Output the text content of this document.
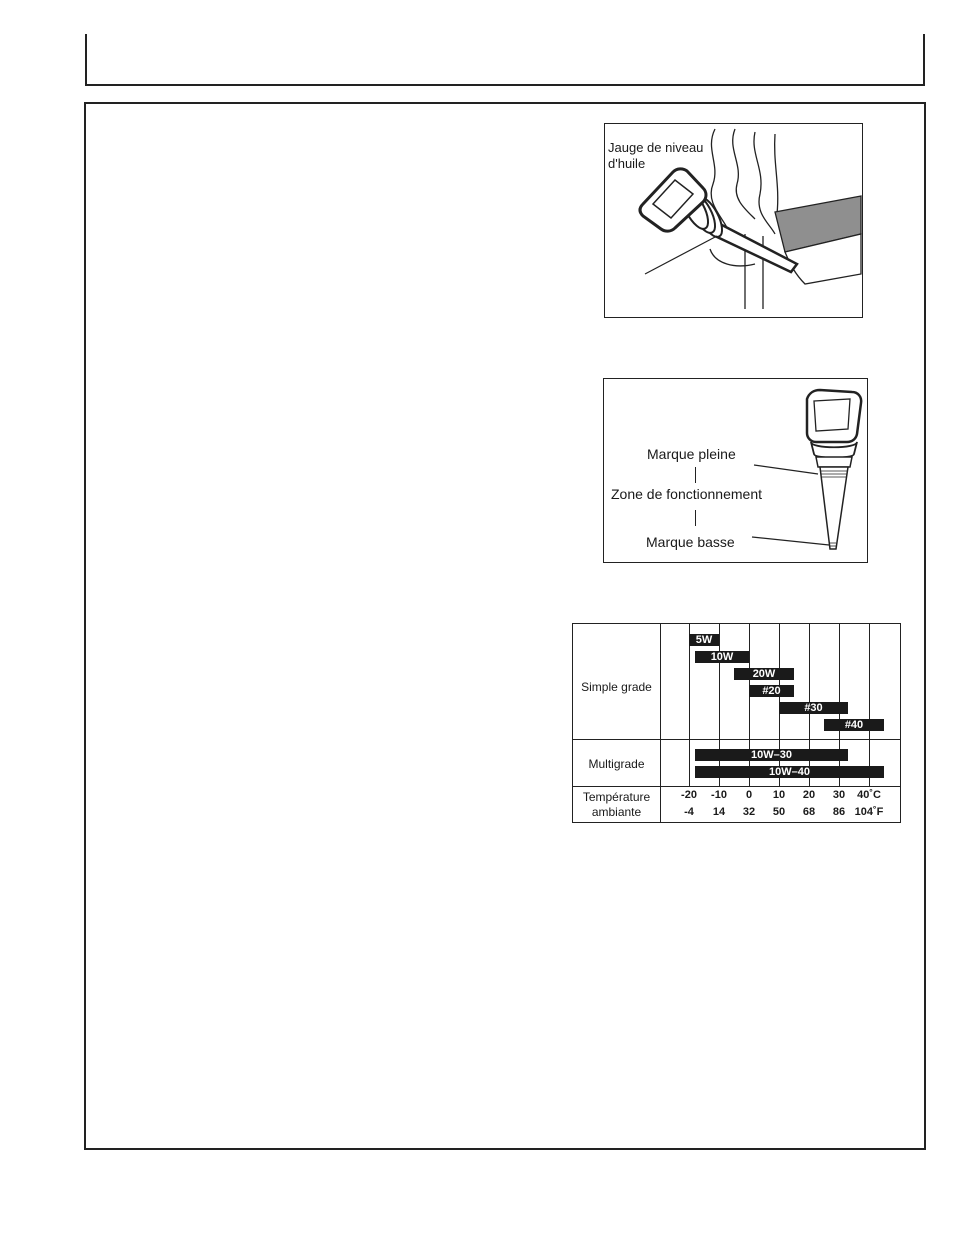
Jauge de niveau d'huile
Marque pleine
Zone de fonctionnement
Marque basse
Simple grade
Multigrade
Température
ambiante
5W
10W
20W
#20
#30
#40
10W–30
10W–40
-20	-10	0	10	20	30	40˚C
-4	14	32	50	68	86 104˚F
